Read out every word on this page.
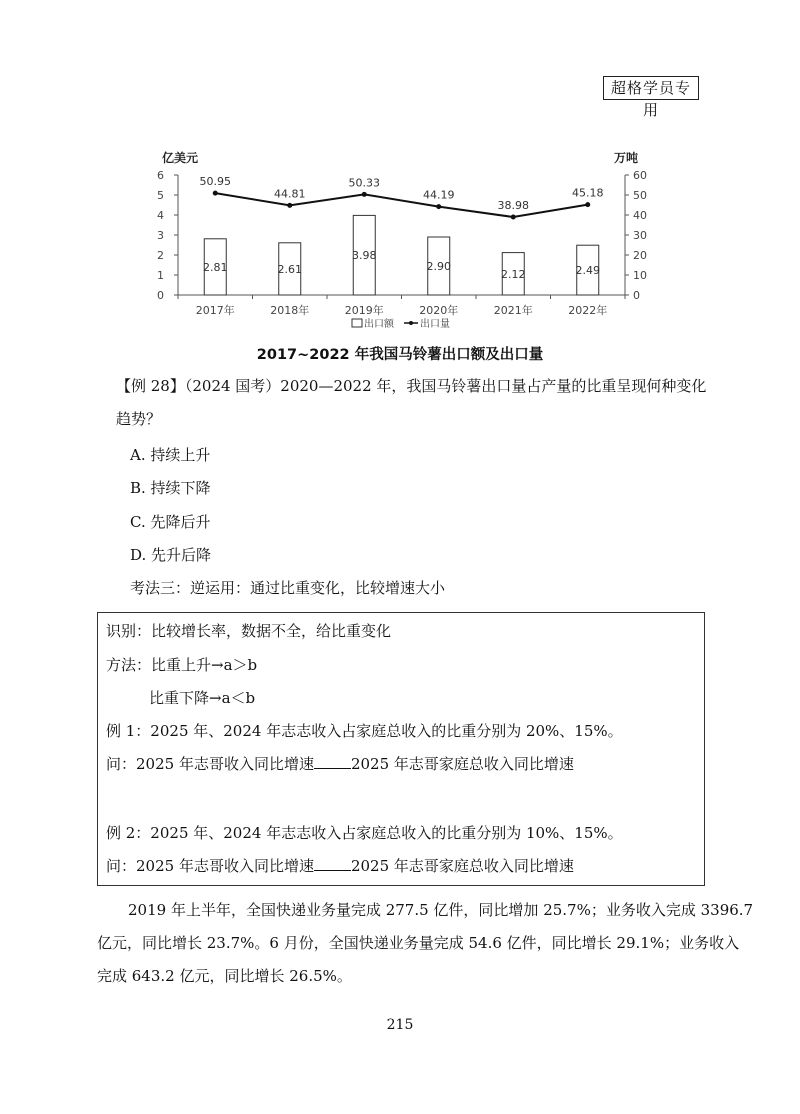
超格学员专用
0
1
2
3
4
5
6
0
10
20
30
40
50
60
亿美元	万吨
2017年	2018年	2019年	2020年	2021年	2022年
2.81	2.61
3.98
2.90
2.12	2.49
50.95
44.81
50.33
44.19
38.98
45.18
出口额	出口量
2017~2022 年我国马铃薯出口额及出口量
【例 28】（2024 国考）2020—2022 年，我国马铃薯出口量占产量的比重呈现何种变化
趋势？
A. 持续上升
B. 持续下降
C. 先降后升
D. 先升后降
考法三：逆运用：通过比重变化，比较增速大小
识别：比较增长率，数据不全，给比重变化
方法：比重上升→a＞b
比重下降→a＜b
例 1：2025 年、2024 年志志收入占家庭总收入的比重分别为 20%、15%。
问：2025 年志哥收入同比增速 2025 年志哥家庭总收入同比增速
例 2：2025 年、2024 年志志收入占家庭总收入的比重分别为 10%、15%。
问：2025 年志哥收入同比增速 2025 年志哥家庭总收入同比增速
2019 年上半年，全国快递业务量完成 277.5 亿件，同比增加 25.7%；业务收入完成 3396.7
亿元，同比增长 23.7%。6 月份，全国快递业务量完成 54.6 亿件，同比增长 29.1%；业务收入
完成 643.2 亿元，同比增长 26.5%。
215
